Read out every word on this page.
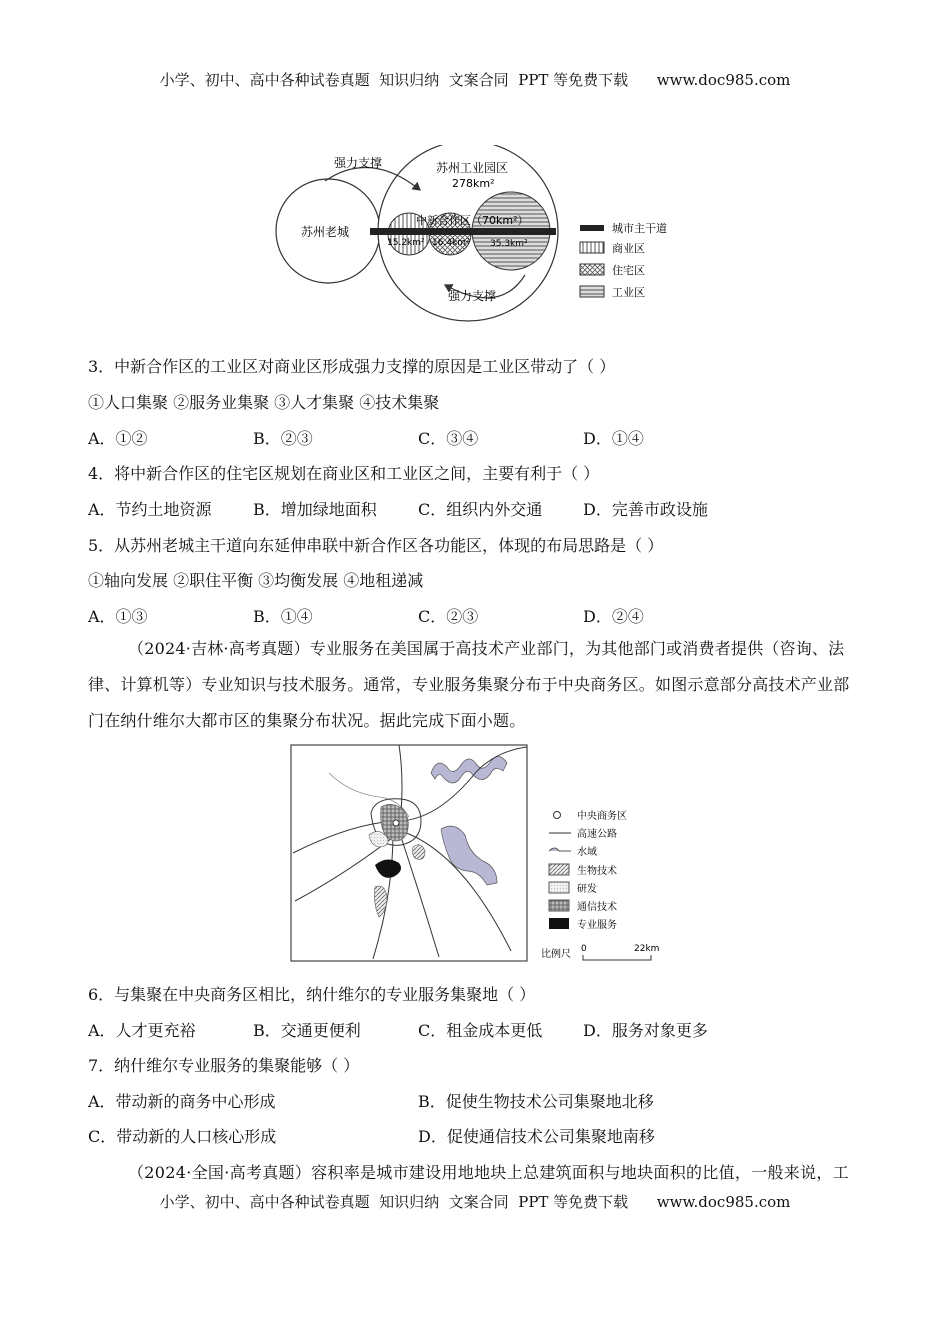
小学、初中、高中各种试卷真题  知识归纳  文案合同  PPT 等免费下载      www.doc985.com
强力支撑
强力支撑
苏州老城
苏州工业园区
278km²
中新合作区（70km²）
15.2km² 16.4km² 35.3km²
城市主干道
商业区
住宅区
工业区
3．中新合作区的工业区对商业区形成强力支撑的原因是工业区带动了（ ）
①人口集聚 ②服务业集聚 ③人才集聚 ④技术集聚
A．①②	B．②③	C．③④	D．①④
4．将中新合作区的住宅区规划在商业区和工业区之间，主要有利于（ ）
A．节约土地资源	B．增加绿地面积	C．组织内外交通	D．完善市政设施
5．从苏州老城主干道向东延伸串联中新合作区各功能区，体现的布局思路是（ ）
①轴向发展 ②职住平衡 ③均衡发展 ④地租递减
A．①③	B．①④	C．②③	D．②④
（2024·吉林·高考真题）专业服务在美国属于高技术产业部门，为其他部门或消费者提供（咨询、法律、计算机等）专业知识与技术服务。通常，专业服务集聚分布于中央商务区。如图示意部分高技术产业部门在纳什维尔大都市区的集聚分布状况。据此完成下面小题。
中央商务区
高速公路
水域
生物技术
研发
通信技术
专业服务
比例尺 0	22km
6．与集聚在中央商务区相比，纳什维尔的专业服务集聚地（ ）
A．人才更充裕	B．交通更便利	C．租金成本更低	D．服务对象更多
7．纳什维尔专业服务的集聚能够（ ）
A．带动新的商务中心形成	B．促使生物技术公司集聚地北移
C．带动新的人口核心形成	D．促使通信技术公司集聚地南移
（2024·全国·高考真题）容积率是城市建设用地地块上总建筑面积与地块面积的比值，一般来说，工
小学、初中、高中各种试卷真题  知识归纳  文案合同  PPT 等免费下载      www.doc985.com
